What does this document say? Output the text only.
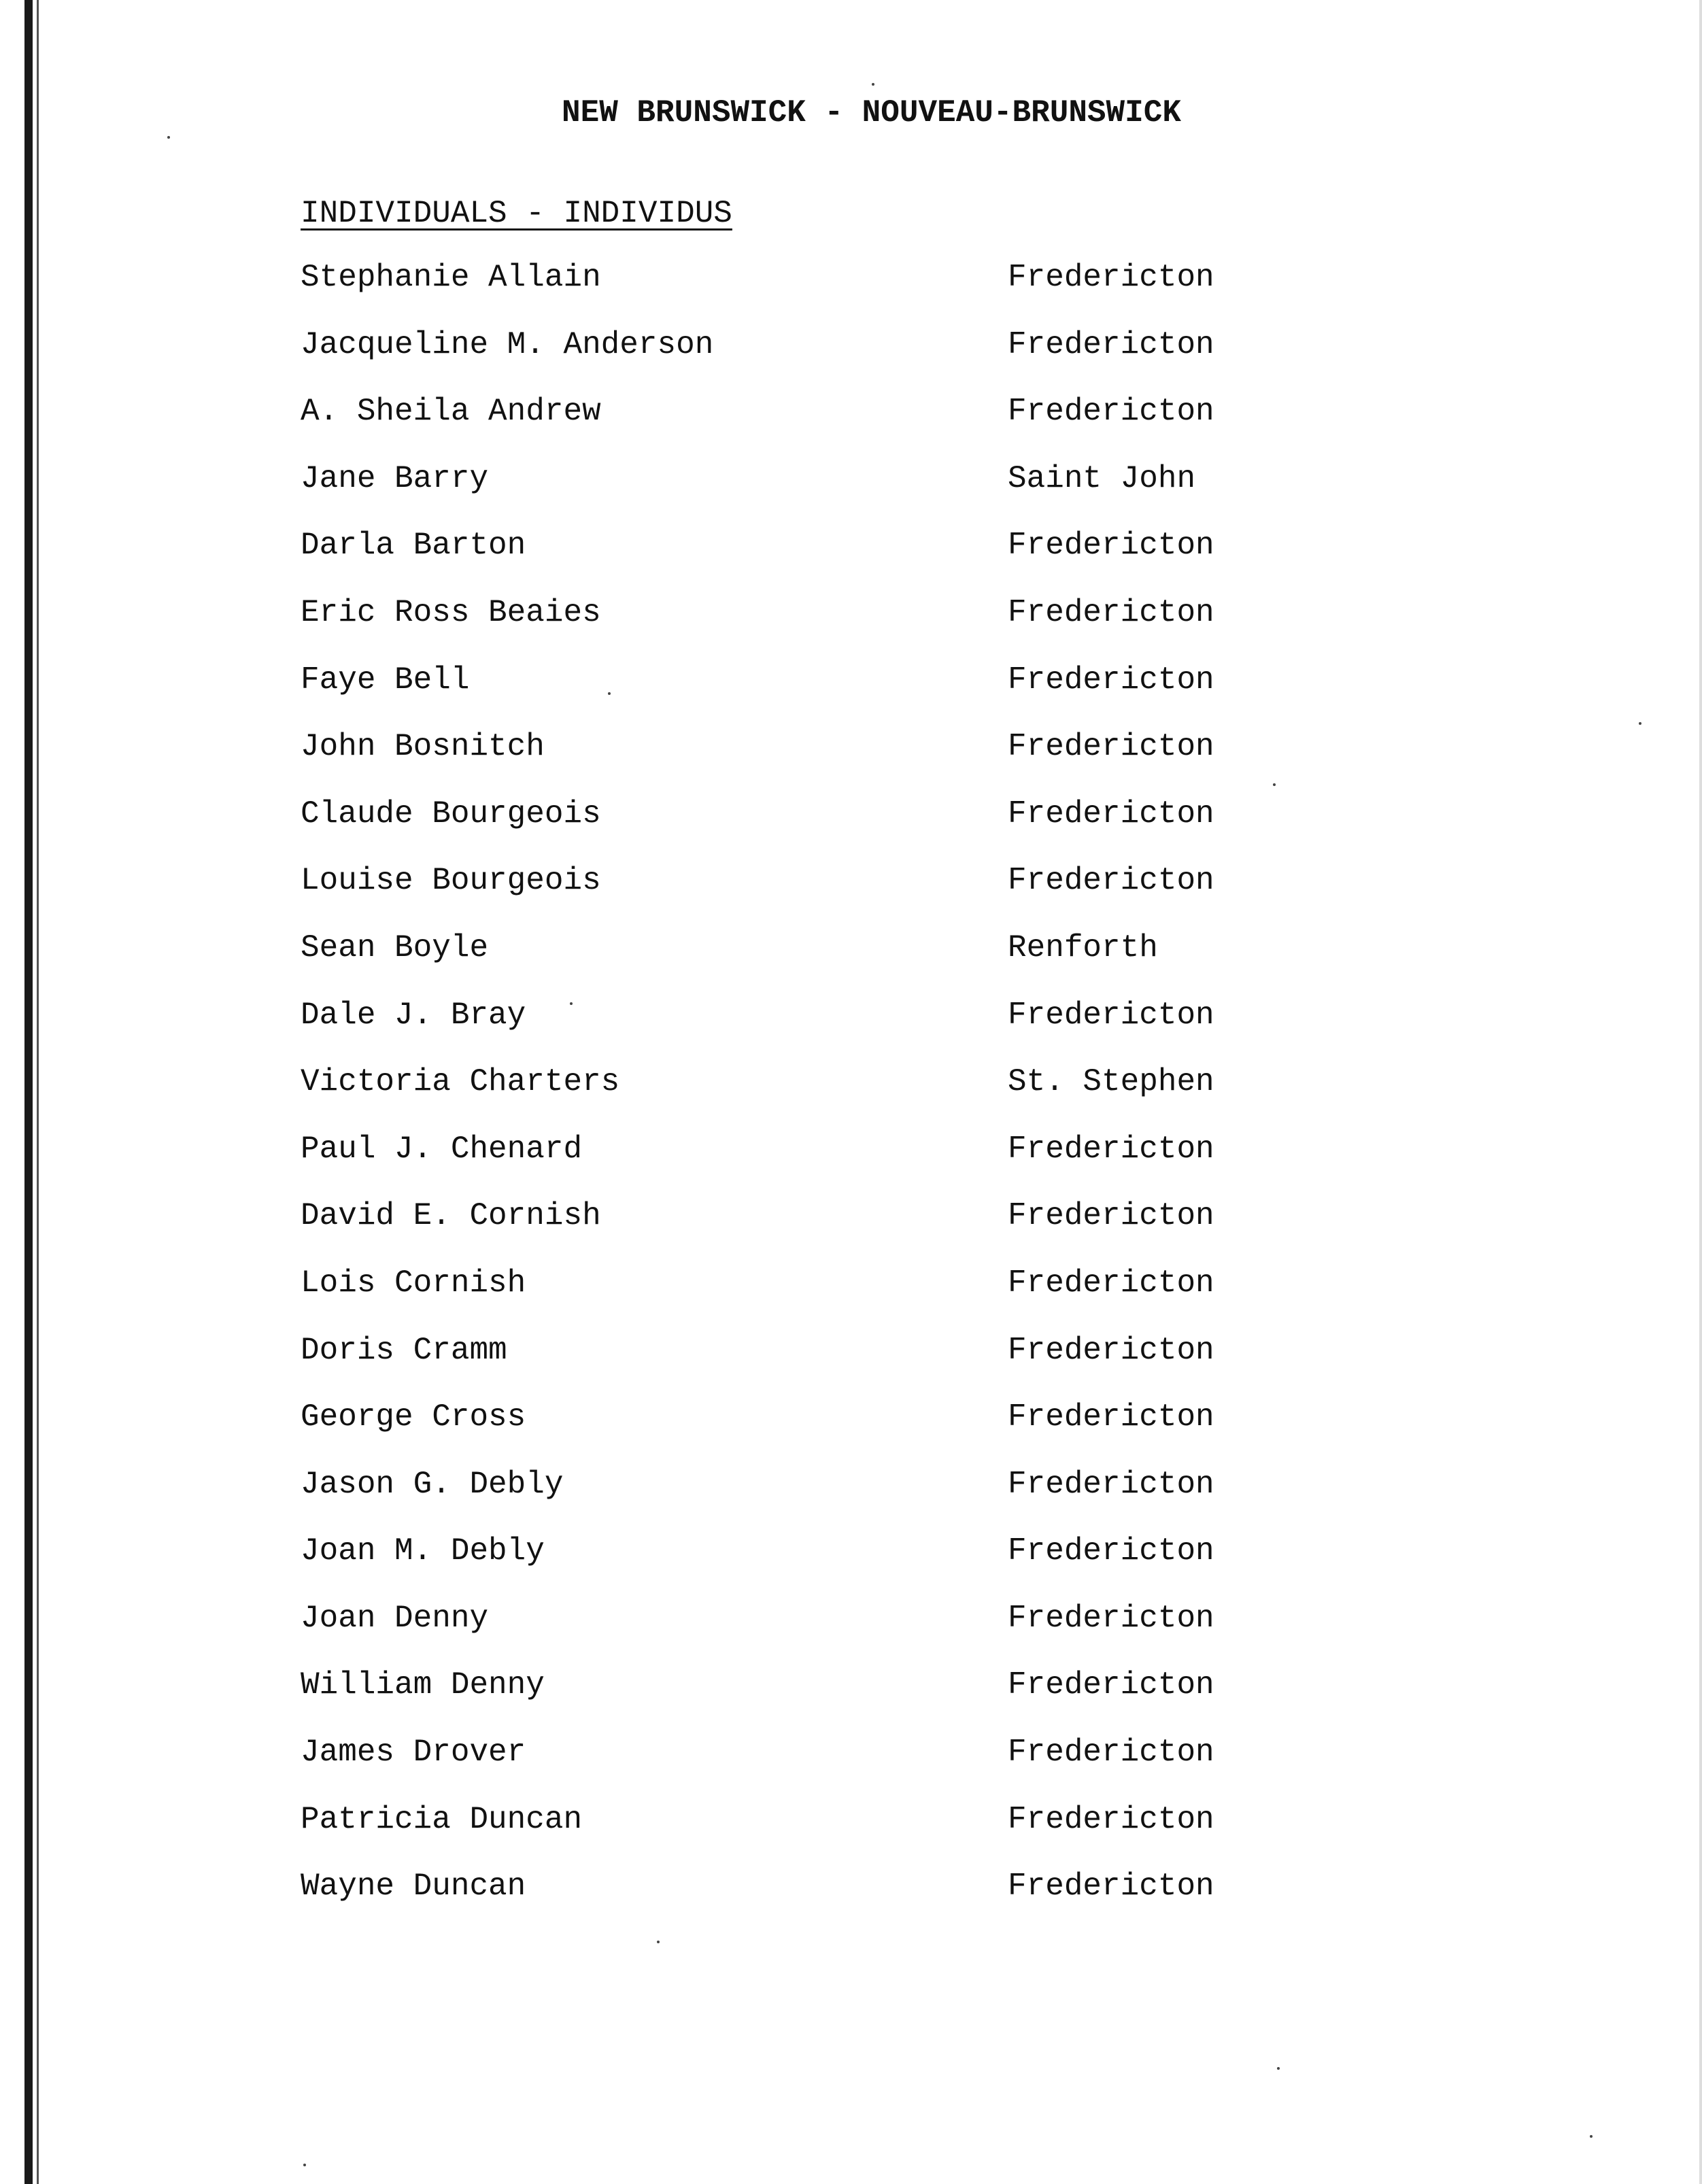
NEW BRUNSWICK - NOUVEAU-BRUNSWICK
INDIVIDUALS - INDIVIDUS
Stephanie Allain	Fredericton
Jacqueline M. Anderson	Fredericton
A. Sheila Andrew	Fredericton
Jane Barry	Saint John
Darla Barton	Fredericton
Eric Ross Beaies	Fredericton
Faye Bell	Fredericton
John Bosnitch	Fredericton
Claude Bourgeois	Fredericton
Louise Bourgeois	Fredericton
Sean Boyle	Renforth
Dale J. Bray	Fredericton
Victoria Charters	St. Stephen
Paul J. Chenard	Fredericton
David E. Cornish	Fredericton
Lois Cornish	Fredericton
Doris Cramm	Fredericton
George Cross	Fredericton
Jason G. Debly	Fredericton
Joan M. Debly	Fredericton
Joan Denny	Fredericton
William Denny	Fredericton
James Drover	Fredericton
Patricia Duncan	Fredericton
Wayne Duncan	Fredericton
